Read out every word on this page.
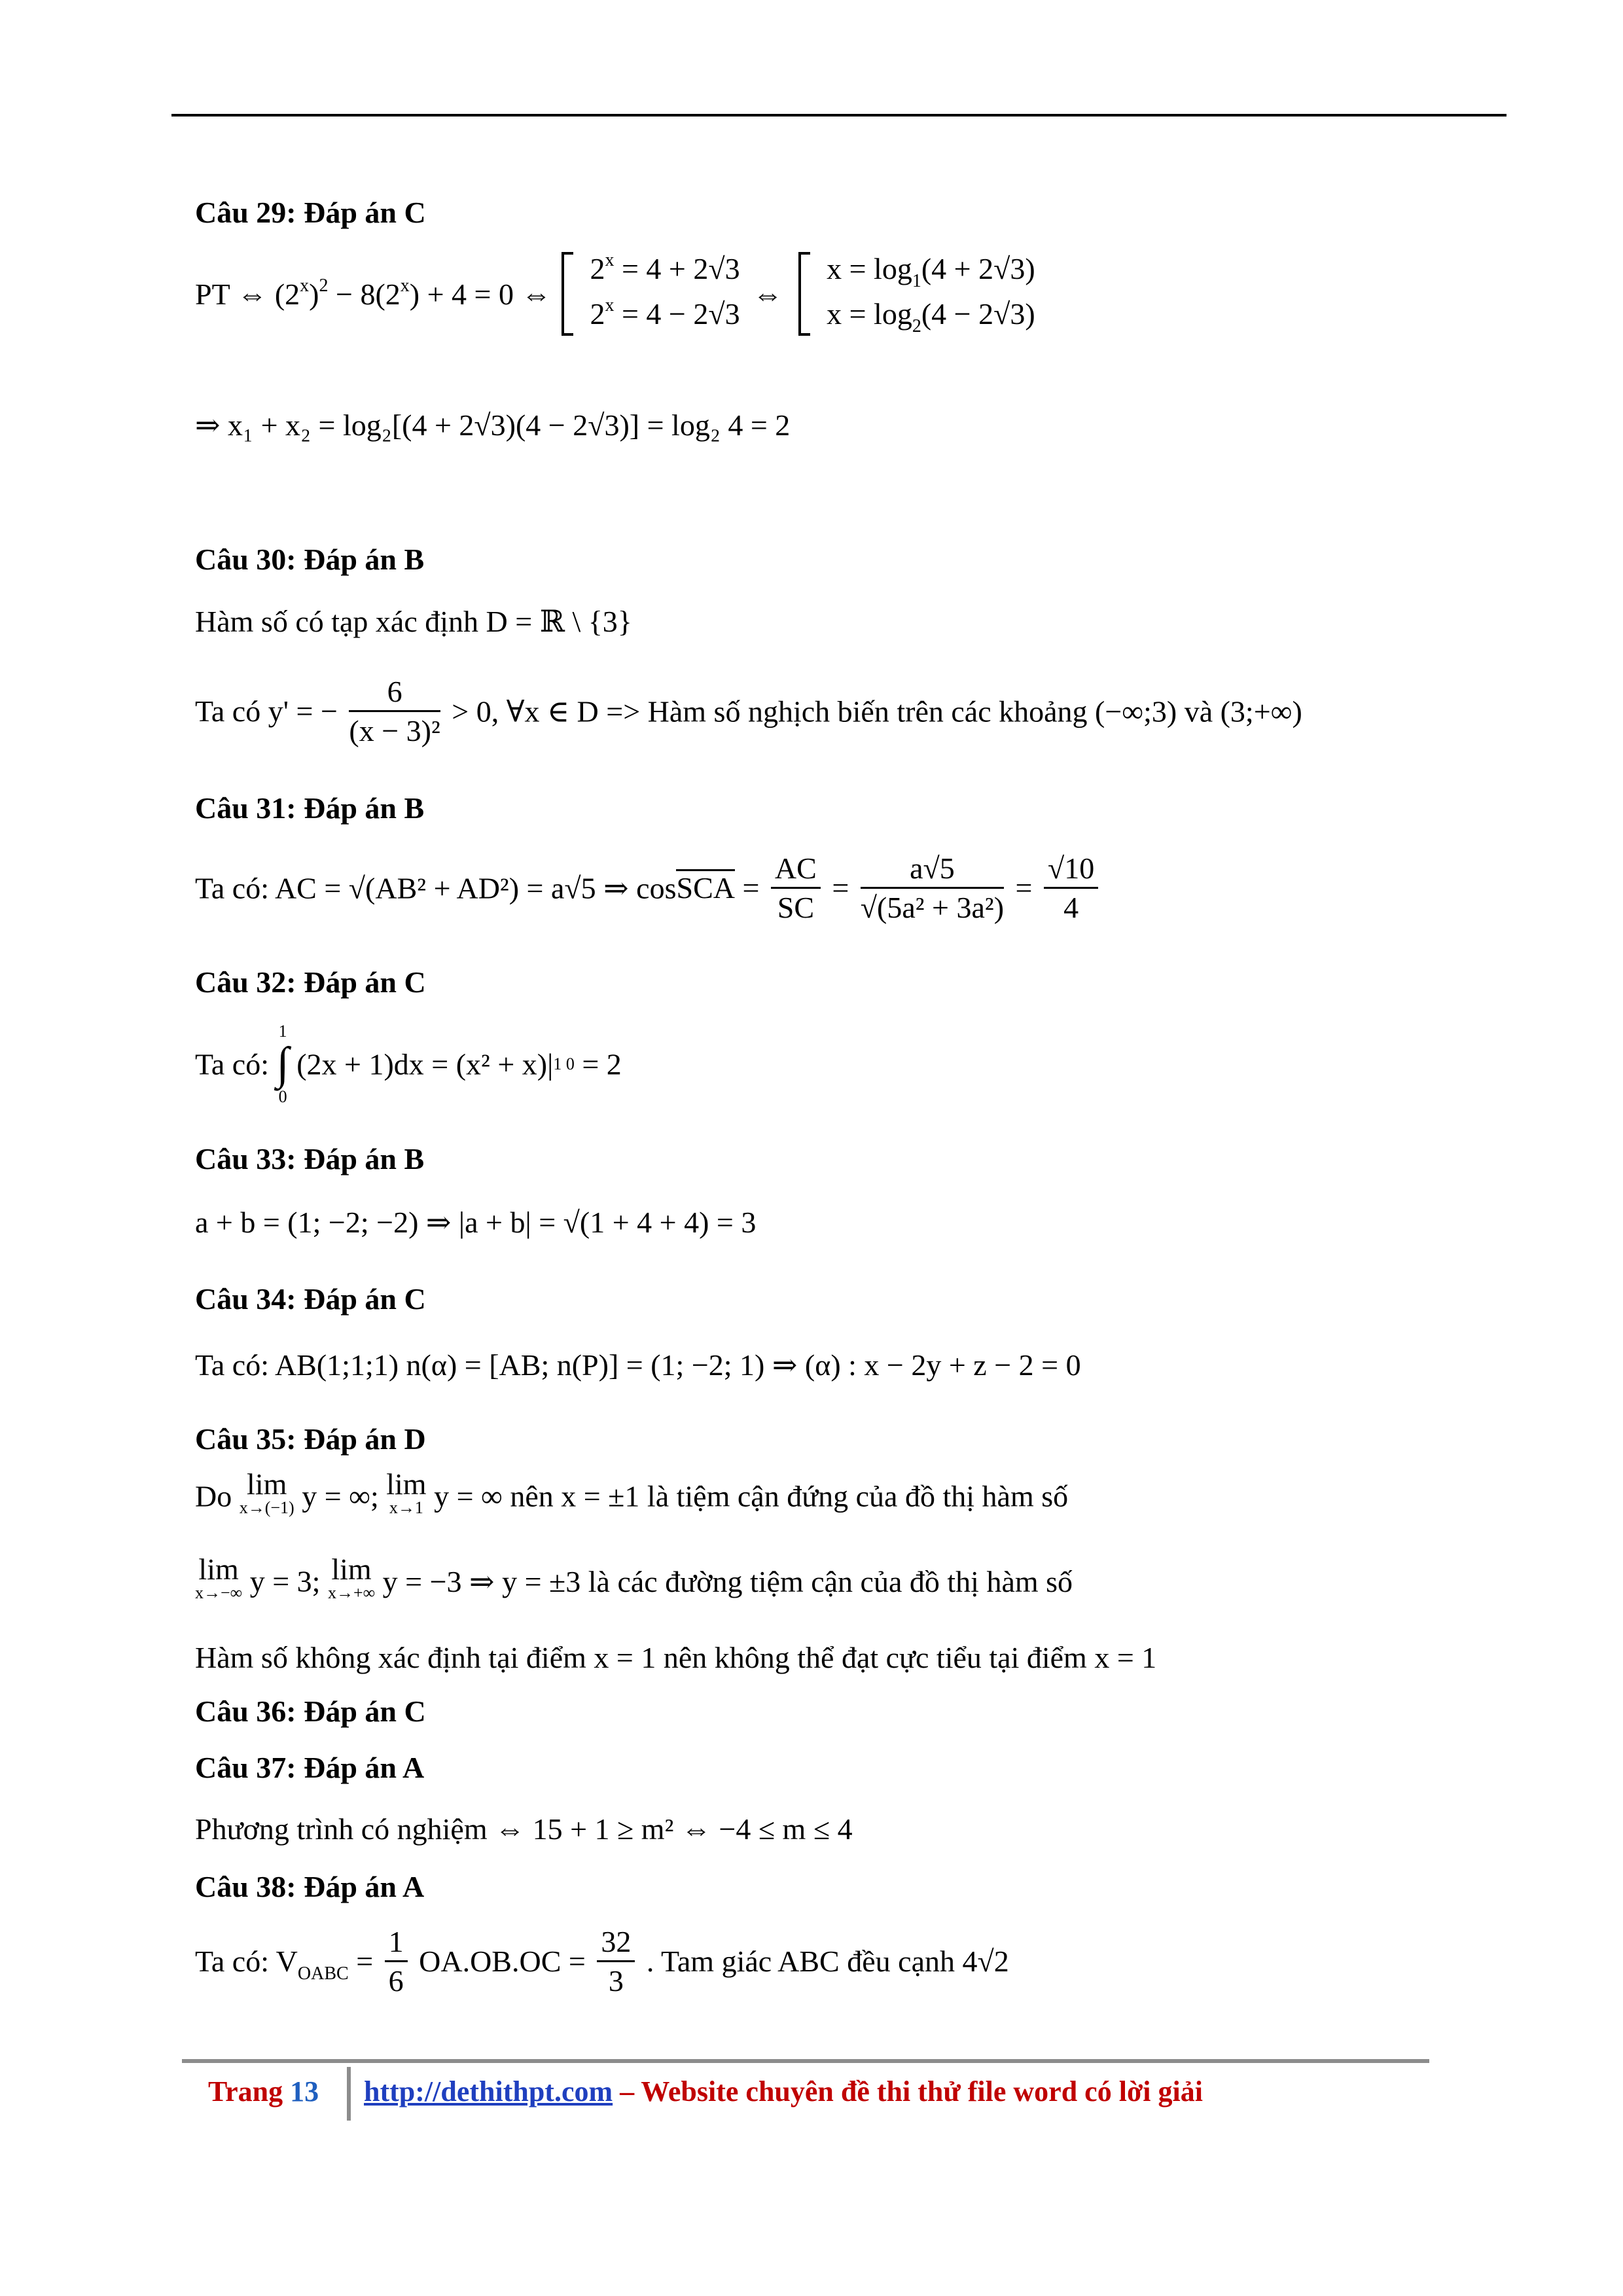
Câu 29: Đáp án C
PT ⇔ $(2^x)^2 - 8(2^x) + 4 = 0$ ⇔
$2^x = 4 + 2√3$
$2^x = 4 - 2√3$
⇔
$x = \log_1(4 + 2√3)$
$x = \log_2(4 - 2√3)$
⇒ x₁ + x₂ = log₂[(4 + 2√3)(4 − 2√3)] = log₂ 4 = 2
Câu 30: Đáp án B
Hàm số có tạp xác định D = ℝ \ {3}
Ta có y' = − $\frac{6}{\text{(x − 3)²}} > 0$, ∀x ∈ D => Hàm số nghịch biến trên các khoảng (−∞;3) và (3;+∞)
Câu 31: Đáp án B
Ta có: AC = √(AB² + AD²) = a√5 ⇒ cosSCA = $\frac{AC}{SC} = \frac{a√5}{\text{√(5a² + 3a²)}} = \frac{√10}{4}$
Câu 32: Đáp án C
Ta có:
1
∫
0
(2x + 1)dx = (x² + x)|1 0 = 2
Câu 33: Đáp án B
a + b = (1; −2; −2) ⇒ |a + b| = √(1 + 4 + 4) = 3
Câu 34: Đáp án C
Ta có: AB(1;1;1) n(α) = [AB; n(P)] = (1; −2; 1) ⇒ (α) : x − 2y + z − 2 = 0
Câu 35: Đáp án D
Do lim
x→(−1) y = ∞; lim
x→1 y = ∞ nên x = ±1 là tiệm cận đứng của đồ thị hàm số
lim
x→−∞ y = 3; lim
x→+∞ y = −3 ⇒ y = ±3 là các đường tiệm cận của đồ thị hàm số
Hàm số không xác định tại điểm x = 1 nên không thể đạt cực tiểu tại điểm x = 1
Câu 36: Đáp án C
Câu 37: Đáp án A
Phương trình có nghiệm ⇔ 15 + 1 ≥ m² ⇔ −4 ≤ m ≤ 4
Câu 38: Đáp án A
Ta có: $V_{OABC} = \frac{1}{6} OA.OB.OC = \frac{32}{3}$ . Tam giác ABC đều cạnh 4√2
Trang 13 http://dethithpt.com – Website chuyên đề thi thử file word có lời giải
